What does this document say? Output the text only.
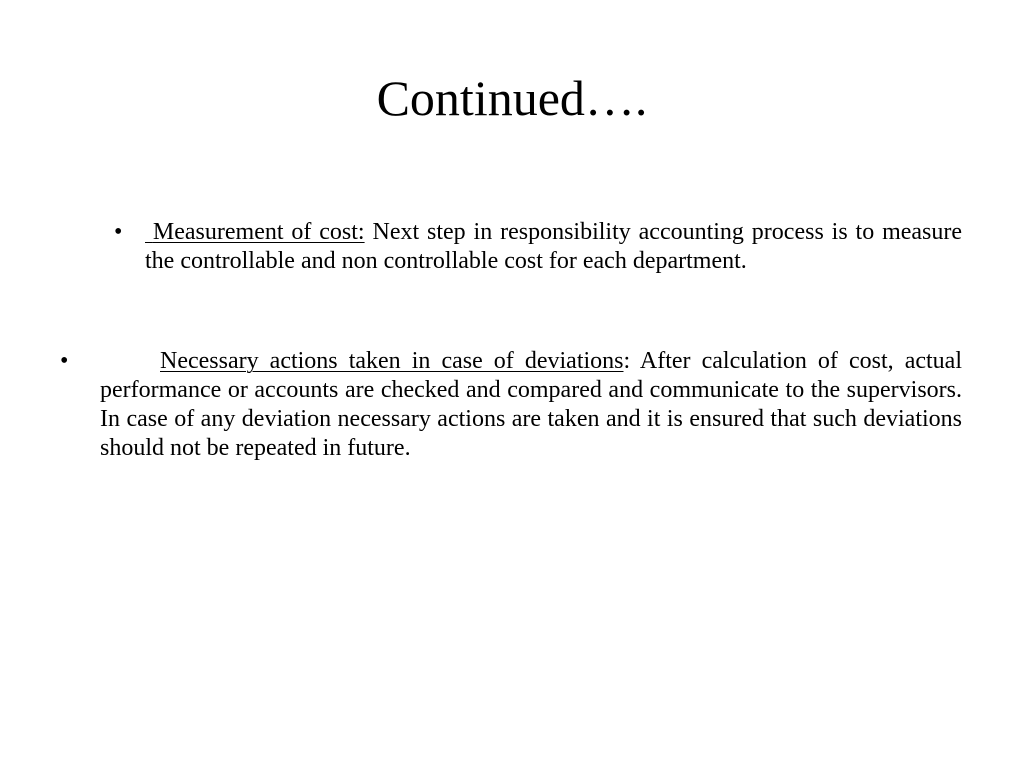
Continued….
•	Measurement of cost: Next step in responsibility accounting process is to measure the controllable and non controllable cost for each department.

•	Necessary actions taken in case of deviations: After calculation of cost, actual performance or accounts are checked and compared and communicate to the supervisors. In case of any deviation necessary actions are taken and it is ensured that such deviations should not be repeated in future.
